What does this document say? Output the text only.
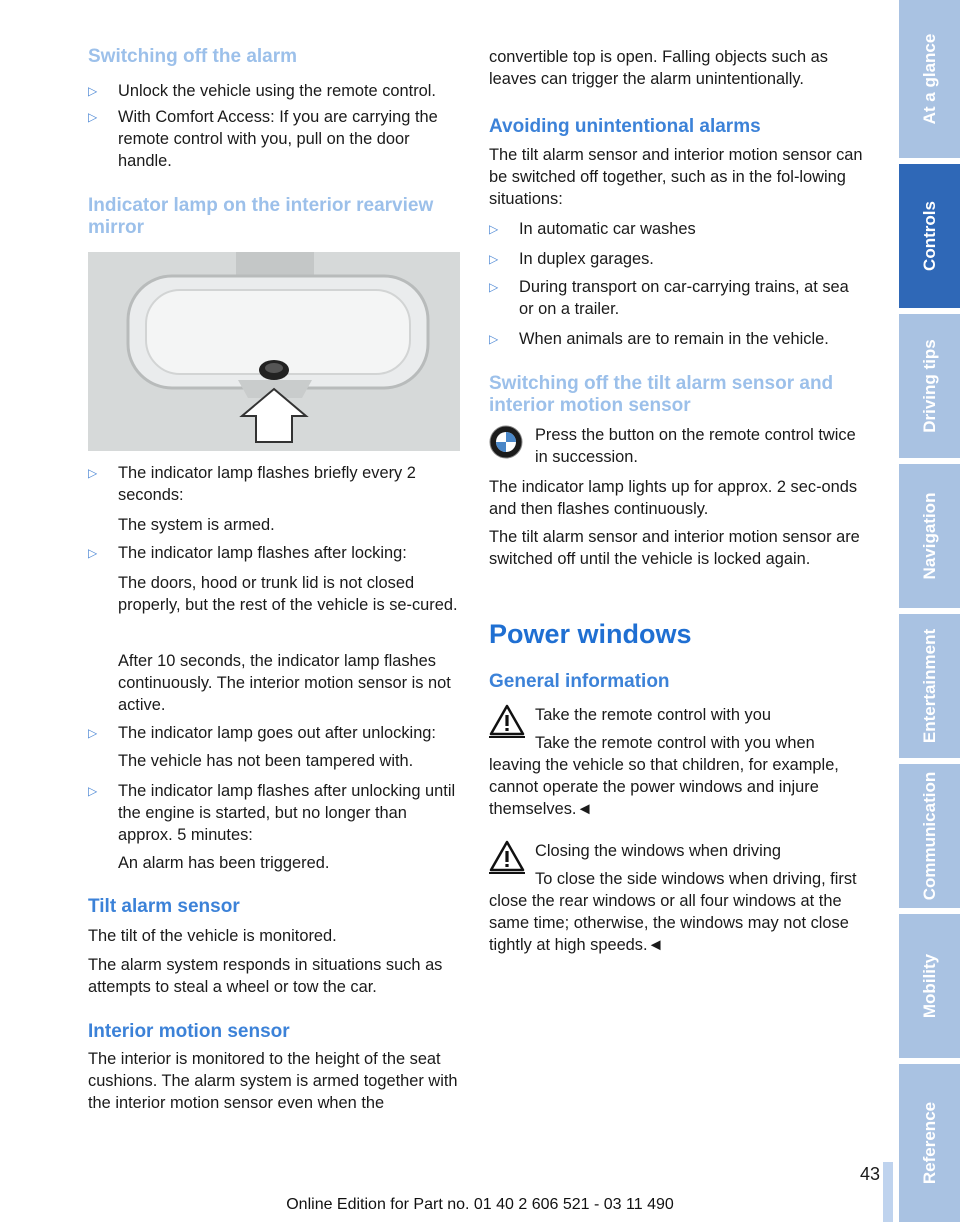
Switching off the alarm
▷ Unlock the vehicle using the remote control.
▷ With Comfort Access: If you are carrying the remote control with you, pull on the door handle.
Indicator lamp on the interior rearview mirror
▷ The indicator lamp flashes briefly every 2 seconds:
The system is armed.
▷ The indicator lamp flashes after locking:
The doors, hood or trunk lid is not closed properly, but the rest of the vehicle is se-cured.
After 10 seconds, the indicator lamp flashes continuously. The interior motion sensor is not active.
▷ The indicator lamp goes out after unlocking:
The vehicle has not been tampered with.
▷ The indicator lamp flashes after unlocking until the engine is started, but no longer than approx. 5 minutes:
An alarm has been triggered.
Tilt alarm sensor
The tilt of the vehicle is monitored.
The alarm system responds in situations such as attempts to steal a wheel or tow the car.
Interior motion sensor
The interior is monitored to the height of the seat cushions. The alarm system is armed together with the interior motion sensor even when the
convertible top is open. Falling objects such as leaves can trigger the alarm unintentionally.
Avoiding unintentional alarms
The tilt alarm sensor and interior motion sensor can be switched off together, such as in the fol-lowing situations:
▷ In automatic car washes
▷ In duplex garages.
▷ During transport on car-carrying trains, at sea or on a trailer.
▷ When animals are to remain in the vehicle.
Switching off the tilt alarm sensor and interior motion sensor
Press the button on the remote control twice in succession.
The indicator lamp lights up for approx. 2 sec-onds and then flashes continuously.
The tilt alarm sensor and interior motion sensor are switched off until the vehicle is locked again.
Power windows
General information
Take the remote control with you
Take the remote control with you when leaving the vehicle so that children, for example, cannot operate the power windows and injure themselves.◄
Closing the windows when driving
To close the side windows when driving, first close the rear windows or all four windows at the same time; otherwise, the windows may not close tightly at high speeds.◄
At a glance
Controls
Driving tips
Navigation
Entertainment
Communication
Mobility
Reference
43
Online Edition for Part no. 01 40 2 606 521 - 03 11 490
